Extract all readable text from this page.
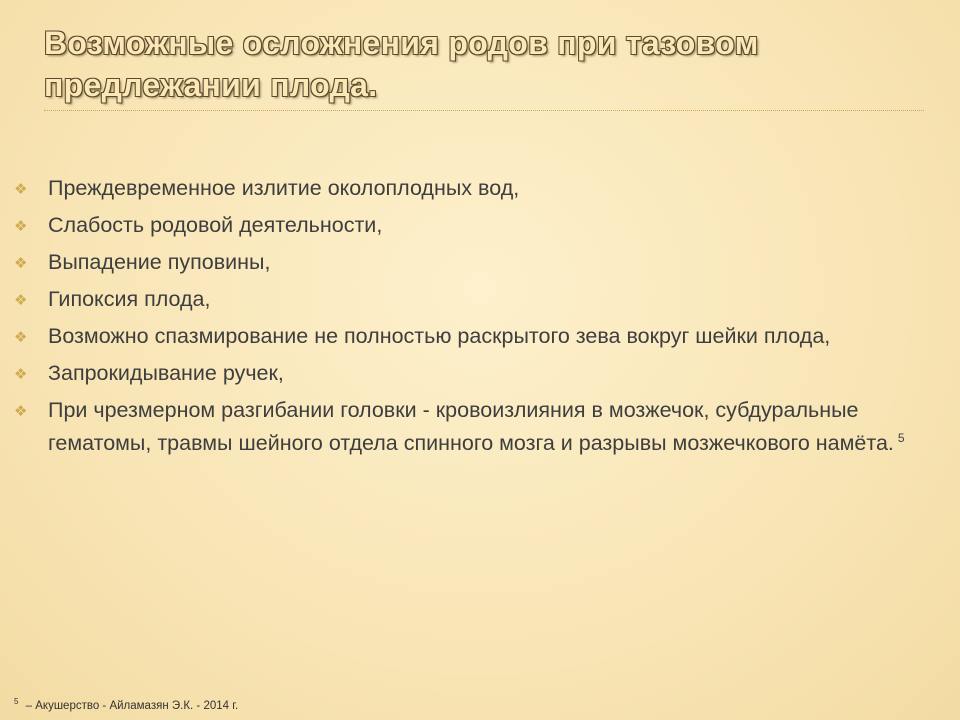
Возможные осложнения родов при тазовом предлежании плода.
❖ Преждевременное излитие околоплодных вод,
❖ Слабость родовой деятельности,
❖ Выпадение пуповины,
❖ Гипоксия плода,
❖ Возможно спазмирование не полностью раскрытого зева вокруг шейки плода,
❖ Запрокидывание ручек,
❖ При чрезмерном разгибании головки - кровоизлияния в мозжечок, субдуральные гематомы, травмы шейного отдела спинного мозга и разрывы мозжечкового намёта. $^5$
$^5$ – Акушерство - Айламазян Э.К. - 2014 г.
